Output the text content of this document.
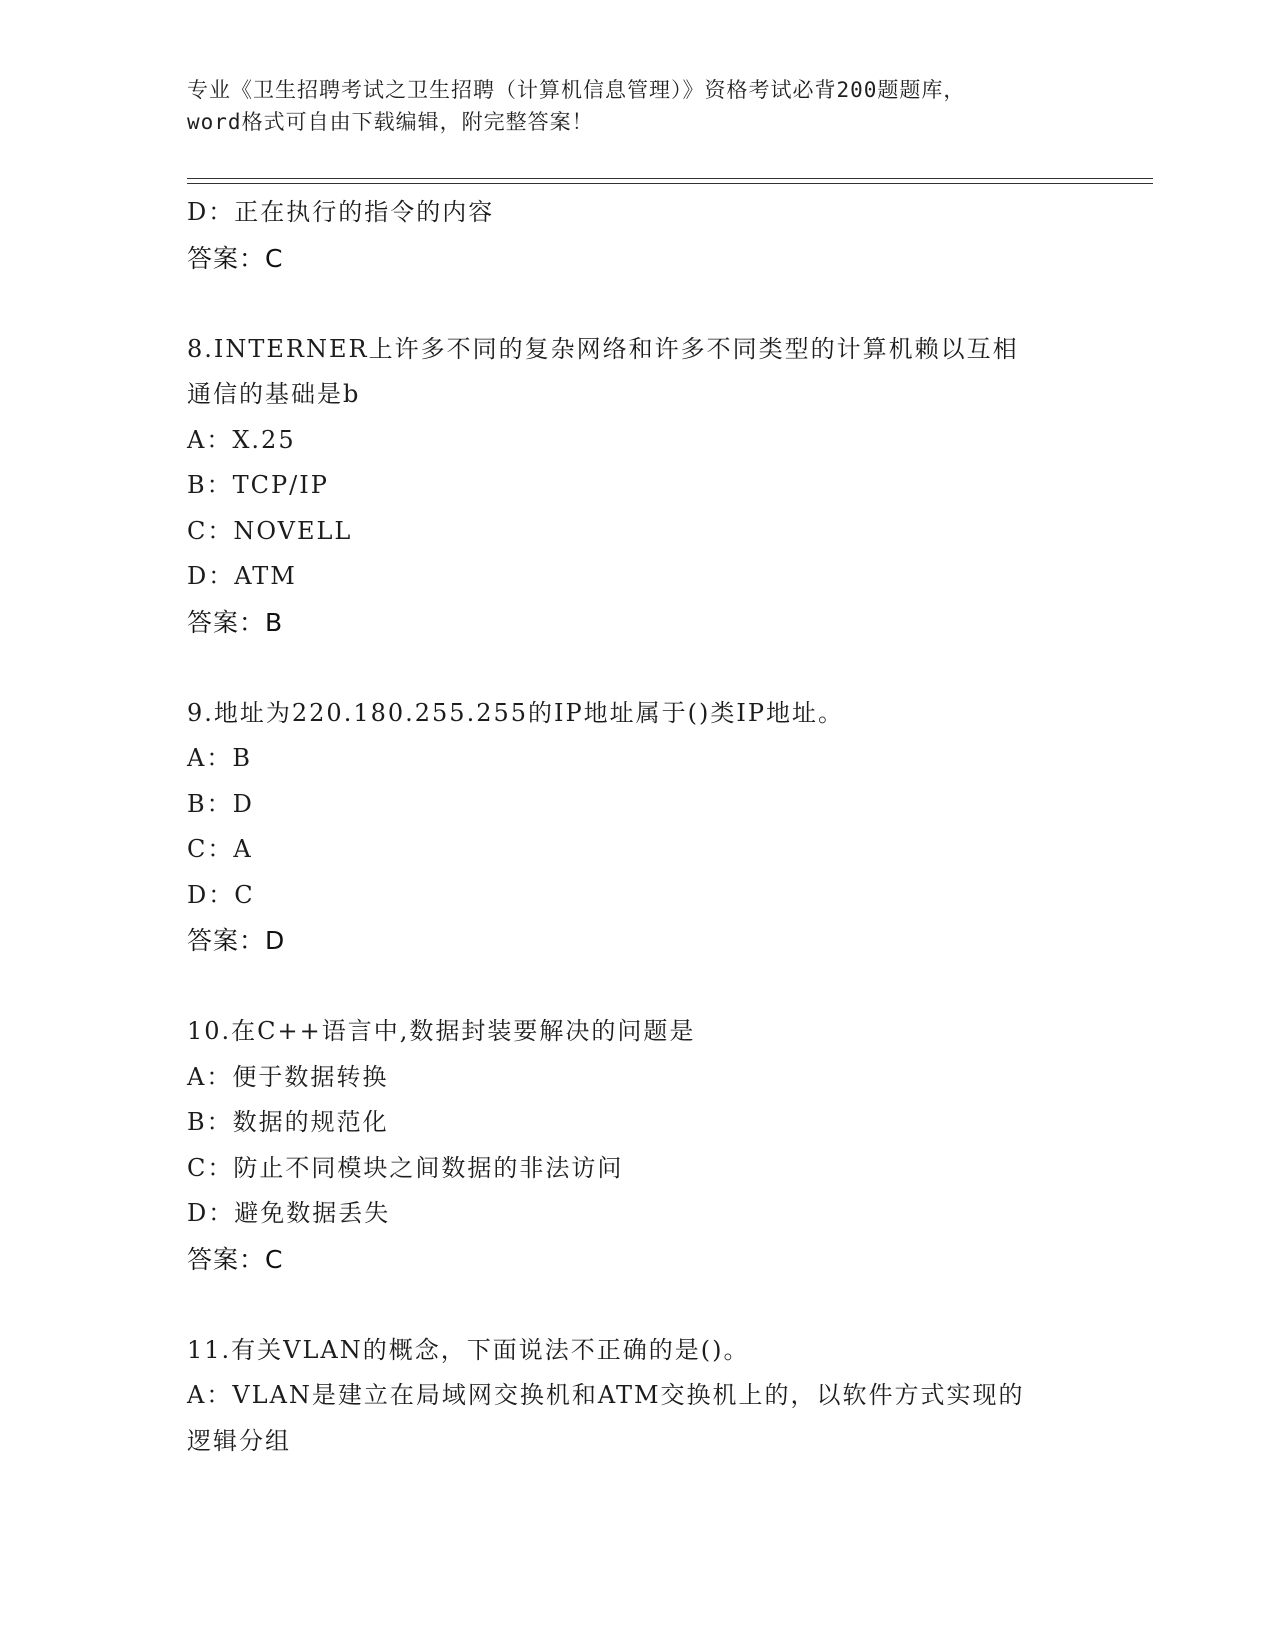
专业《卫生招聘考试之卫生招聘（计算机信息管理）》资格考试必背200题题库，
word格式可自由下载编辑，附完整答案！
D：正在执行的指令的内容
答案：C
8.INTERNER上许多不同的复杂网络和许多不同类型的计算机赖以互相
通信的基础是b
A：X.25
B：TCP/IP
C：NOVELL
D：ATM
答案：B
9.地址为220.180.255.255的IP地址属于()类IP地址。
A：B
B：D
C：A
D：C
答案：D
10.在C++语言中,数据封装要解决的问题是
A：便于数据转换
B：数据的规范化
C：防止不同模块之间数据的非法访问
D：避免数据丢失
答案：C
11.有关VLAN的概念，下面说法不正确的是()。
A：VLAN是建立在局域网交换机和ATM交换机上的，以软件方式实现的
逻辑分组
